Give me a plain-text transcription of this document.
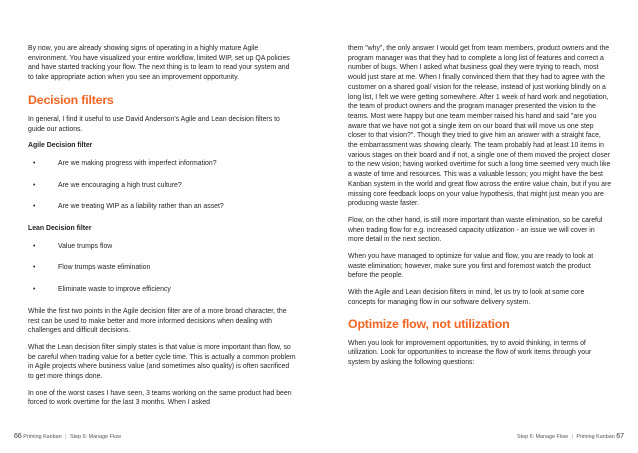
By now, you are already showing signs of operating in a highly mature Agile environment. You have visualized your entire workflow, limited WIP, set up QA policies and have started tracking your flow. The next thing is to learn to read your system and to take appropriate action when you see an improvement opportunity.

Decision filters

In general, I find it useful to use David Anderson's Agile and Lean decision filters to guide our actions.

Agile Decision filter
•	Are we making progress with imperfect information?
•	Are we encouraging a high trust culture?
•	Are we treating WIP as a liability rather than an asset?
Lean Decision filter
•	Value trumps flow
•	Flow trumps waste elimination
•	Eliminate waste to improve efficiency

While the first two points in the Agile decision filter are of a more broad character, the rest can be used to make better and more informed decisions when dealing with challenges and difficult decisions.

What the Lean decision filter simply states is that value is more important than flow, so be careful when trading value for a better cycle time. This is actually a common problem in Agile projects where business value (and sometimes also quality) is often sacrificed to get more things done.

In one of the worst cases I have seen, 3 teams working on the same product had been forced to work overtime for the last 3 months. When I asked

them "why", the only answer I would get from team members, product owners and the program manager was that they had to complete a long list of features and correct a number of bugs. When I asked what business goal they were trying to reach, most would just stare at me. When I finally convinced them that they had to agree with the customer on a shared goal/ vision for the release, instead of just working blindly on a long list, I felt we were getting somewhere. After 1 week of hard work and negotiation, the team of product owners and the program manager presented the vision to the teams. Most were happy but one team member raised his hand and said "are you aware that we have not got a single item on our board that will move us one step closer to that vision?". Though they tried to give him an answer with a straight face, the embarrassment was showing clearly. The team probably had at least 10 items in various stages on their board and if not, a single one of them moved the project closer to the new vision; having worked overtime for such a long time seemed very much like a waste of time and resources. This was a valuable lesson; you might have the best Kanban system in the world and great flow across the entire value chain, but if you are missing core feedback loops on your value hypothesis, that might just mean you are producing waste faster.

Flow, on the other hand, is still more important than waste elimination, so be careful when trading flow for e.g. increased capacity utilization - an issue we will cover in more detail in the next section.

When you have managed to optimize for value and flow, you are ready to look at waste elimination; however, make sure you first and foremost watch the product before the people.

With the Agile and Lean decision filters in mind, let us try to look at some core concepts for managing flow in our software delivery system.

Optimize flow, not utilization

When you look for improvement opportunities, try to avoid thinking, in terms of utilization. Look for opportunities to increase the flow of work items through your system by asking the following questions:

66 Priming Kanban | Step 6: Manage Flow	Step 6: Manage Flow | Priming Kanban 67
